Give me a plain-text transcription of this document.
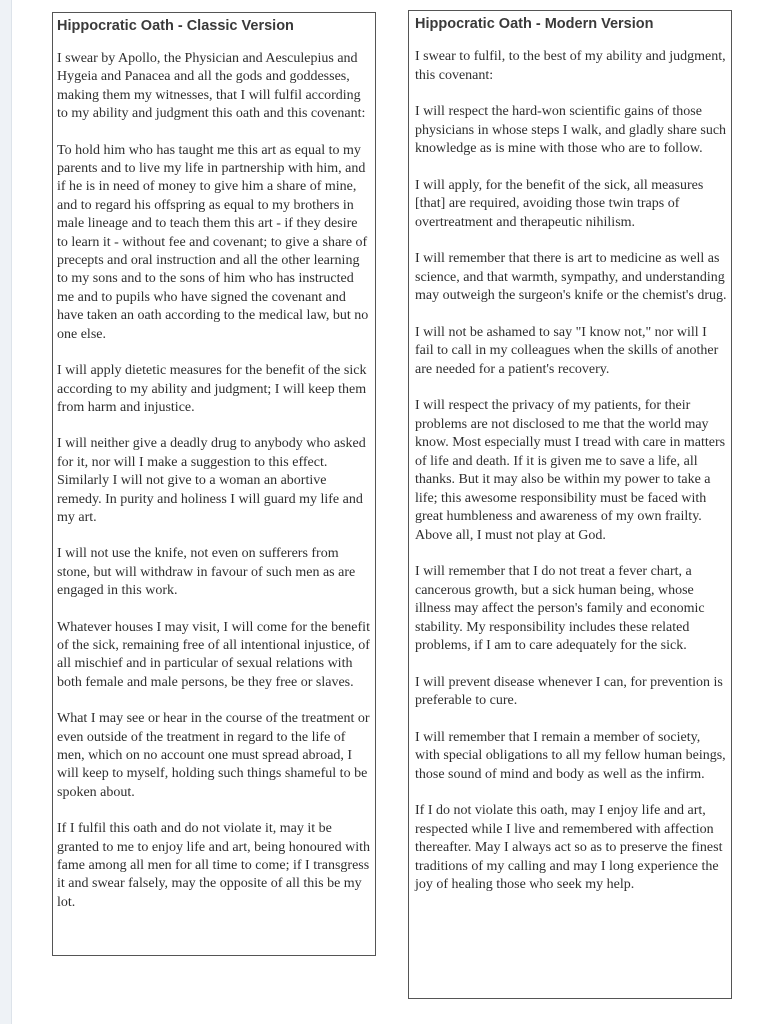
Hippocratic Oath - Classic Version

I swear by Apollo, the Physician and Aesculepius and Hygeia and Panacea and all the gods and goddesses, making them my witnesses, that I will fulfil according to my ability and judgment this oath and this covenant:

To hold him who has taught me this art as equal to my parents and to live my life in partnership with him, and if he is in need of money to give him a share of mine, and to regard his offspring as equal to my brothers in male lineage and to teach them this art - if they desire to learn it - without fee and covenant; to give a share of precepts and oral instruction and all the other learning to my sons and to the sons of him who has instructed me and to pupils who have signed the covenant and have taken an oath according to the medical law, but no one else.

I will apply dietetic measures for the benefit of the sick according to my ability and judgment; I will keep them from harm and injustice.

I will neither give a deadly drug to anybody who asked for it, nor will I make a suggestion to this effect. Similarly I will not give to a woman an abortive remedy. In purity and holiness I will guard my life and my art.

I will not use the knife, not even on sufferers from stone, but will withdraw in favour of such men as are engaged in this work.

Whatever houses I may visit, I will come for the benefit of the sick, remaining free of all intentional injustice, of all mischief and in particular of sexual relations with both female and male persons, be they free or slaves.

What I may see or hear in the course of the treatment or even outside of the treatment in regard to the life of men, which on no account one must spread abroad, I will keep to myself, holding such things shameful to be spoken about.

If I fulfil this oath and do not violate it, may it be granted to me to enjoy life and art, being honoured with fame among all men for all time to come; if I transgress it and swear falsely, may the opposite of all this be my lot.

Hippocratic Oath - Modern Version

I swear to fulfil, to the best of my ability and judgment, this covenant:

I will respect the hard-won scientific gains of those physicians in whose steps I walk, and gladly share such knowledge as is mine with those who are to follow.

I will apply, for the benefit of the sick, all measures [that] are required, avoiding those twin traps of overtreatment and therapeutic nihilism.

I will remember that there is art to medicine as well as science, and that warmth, sympathy, and understanding may outweigh the surgeon's knife or the chemist's drug.

I will not be ashamed to say "I know not," nor will I fail to call in my colleagues when the skills of another are needed for a patient's recovery.

I will respect the privacy of my patients, for their problems are not disclosed to me that the world may know. Most especially must I tread with care in matters of life and death. If it is given me to save a life, all thanks. But it may also be within my power to take a life; this awesome responsibility must be faced with great humbleness and awareness of my own frailty. Above all, I must not play at God.

I will remember that I do not treat a fever chart, a cancerous growth, but a sick human being, whose illness may affect the person's family and economic stability. My responsibility includes these related problems, if I am to care adequately for the sick.

I will prevent disease whenever I can, for prevention is preferable to cure.

I will remember that I remain a member of society, with special obligations to all my fellow human beings, those sound of mind and body as well as the infirm.

If I do not violate this oath, may I enjoy life and art, respected while I live and remembered with affection thereafter. May I always act so as to preserve the finest traditions of my calling and may I long experience the joy of healing those who seek my help.
